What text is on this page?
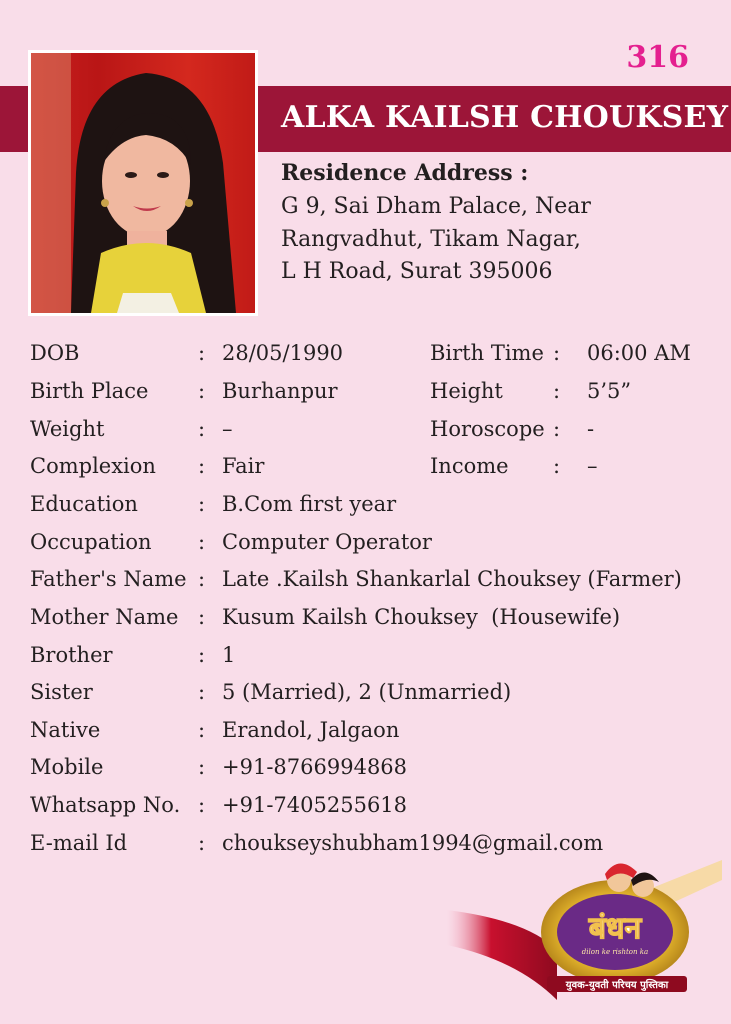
316
ALKA KAILSH CHOUKSEY
Residence Address :
G 9, Sai Dham Palace, Near
Rangvadhut, Tikam Nagar,
L H Road, Surat 395006
DOB	: 28/05/1990	Birth Time : 06:00 AM
Birth Place : Burhanpur	Height : 5’5”
Weight	: –	Horoscope : -
Complexion : Fair	Income : –
Education	: B.Com first year
Occupation : Computer Operator
Father's Name : Late .Kailsh Shankarlal Chouksey (Farmer)
Mother Name : Kusum Kailsh Chouksey  (Housewife)
Brother	: 1
Sister	: 5 (Married), 2 (Unmarried)
Native	: Erandol, Jalgaon
Mobile	: +91-8766994868
Whatsapp No. : +91-7405255618
E-mail Id	: choukseyshubham1994@gmail.com
बंधन
dilon ke rishton ka
युवक-युवती परिचय पुस्तिका
